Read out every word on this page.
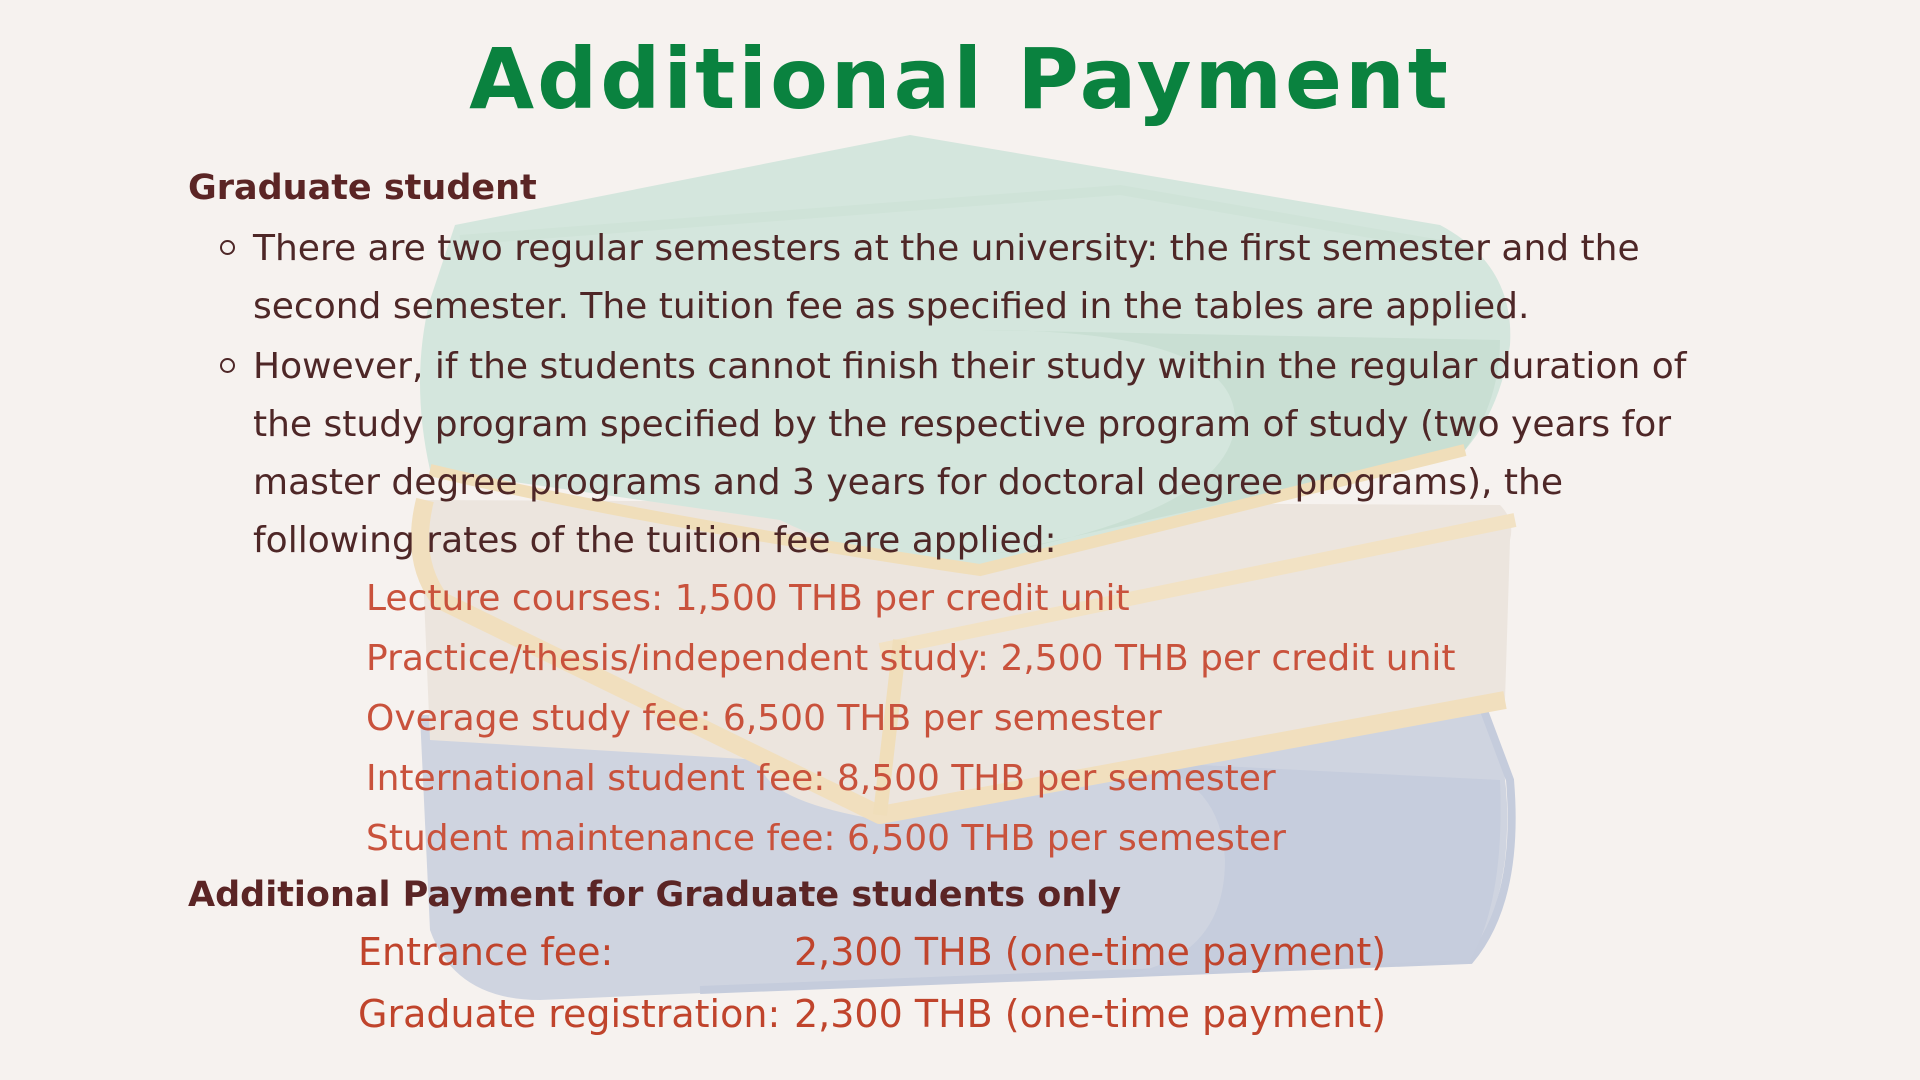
Additional Payment
Graduate student
There are two regular semesters at the university: the first semester and the second semester. The tuition fee as specified in the tables are applied.
However, if the students cannot finish their study within the regular duration of the study program specified by the respective program of study (two years for master degree programs and 3 years for doctoral degree programs), the following rates of the tuition fee are applied:
Lecture courses: 1,500 THB per credit unit
Practice/thesis/independent study: 2,500 THB per credit unit
Overage study fee: 6,500 THB per semester
International student fee: 8,500 THB per semester
Student maintenance fee: 6,500 THB per semester
Additional Payment for Graduate students only
Entrance fee:	2,300 THB (one-time payment)
Graduate registration: 2,300 THB (one-time payment)
